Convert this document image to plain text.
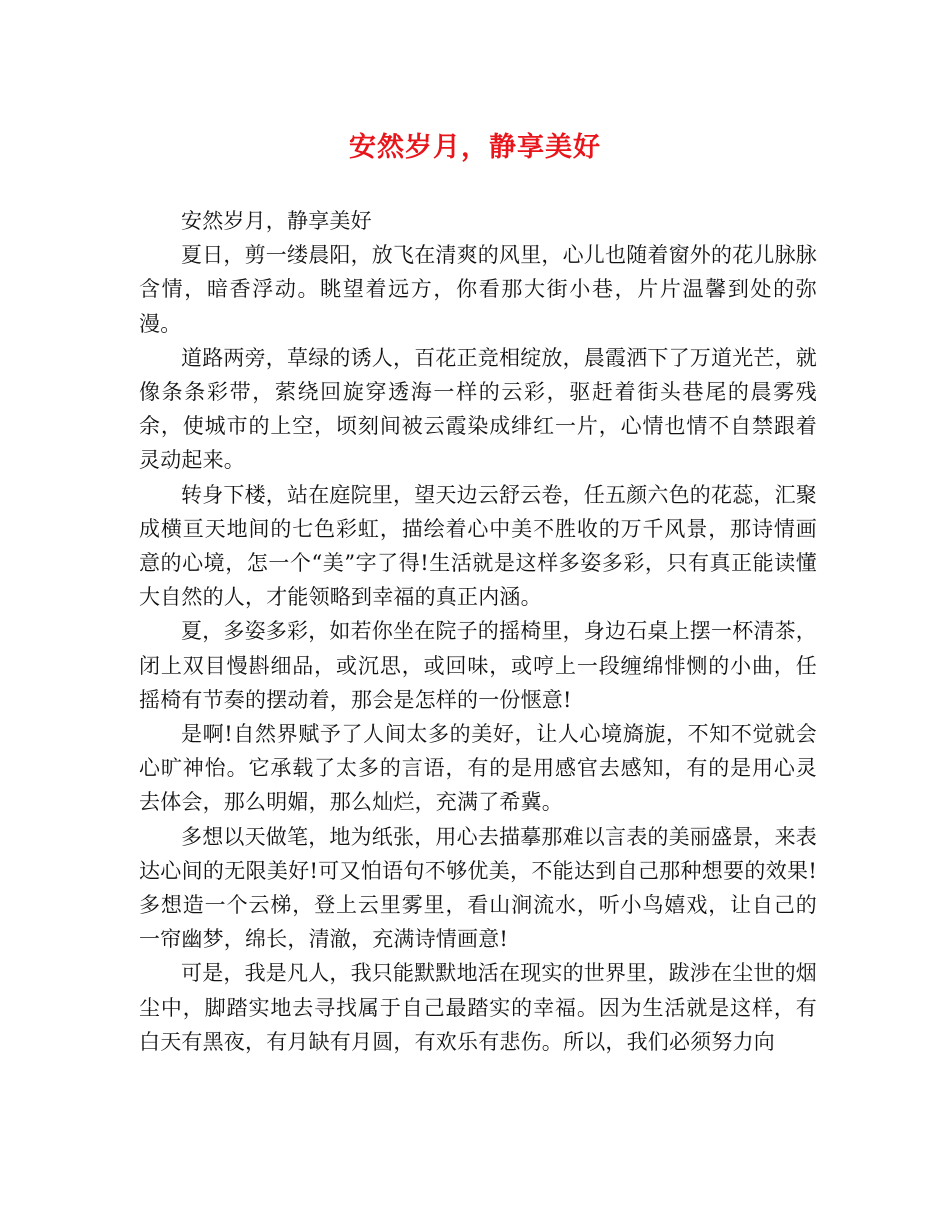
安然岁月，静享美好

安然岁月，静享美好

夏日，剪一缕晨阳，放飞在清爽的风里，心儿也随着窗外的花儿脉脉含情，暗香浮动。眺望着远方，你看那大街小巷，片片温馨到处的弥漫。

道路两旁，草绿的诱人，百花正竞相绽放，晨霞洒下了万道光芒，就像条条彩带，萦绕回旋穿透海一样的云彩，驱赶着街头巷尾的晨雾残余，使城市的上空，顷刻间被云霞染成绯红一片，心情也情不自禁跟着灵动起来。

转身下楼，站在庭院里，望天边云舒云卷，任五颜六色的花蕊，汇聚成横亘天地间的七色彩虹，描绘着心中美不胜收的万千风景，那诗情画意的心境，怎一个“美”字了得!生活就是这样多姿多彩，只有真正能读懂大自然的人，才能领略到幸福的真正内涵。

夏，多姿多彩，如若你坐在院子的摇椅里，身边石桌上摆一杯清茶，闭上双目慢斟细品，或沉思，或回味，或哼上一段缠绵悱恻的小曲，任摇椅有节奏的摆动着，那会是怎样的一份惬意!

是啊!自然界赋予了人间太多的美好，让人心境旖旎，不知不觉就会心旷神怡。它承载了太多的言语，有的是用感官去感知，有的是用心灵去体会，那么明媚，那么灿烂，充满了希冀。

多想以天做笔，地为纸张，用心去描摹那难以言表的美丽盛景，来表达心间的无限美好!可又怕语句不够优美，不能达到自己那种想要的效果!多想造一个云梯，登上云里雾里，看山涧流水，听小鸟嬉戏，让自己的一帘幽梦，绵长，清澈，充满诗情画意!

可是，我是凡人，我只能默默地活在现实的世界里，跋涉在尘世的烟尘中，脚踏实地去寻找属于自己最踏实的幸福。因为生活就是这样，有白天有黑夜，有月缺有月圆，有欢乐有悲伤。所以，我们必须努力向
